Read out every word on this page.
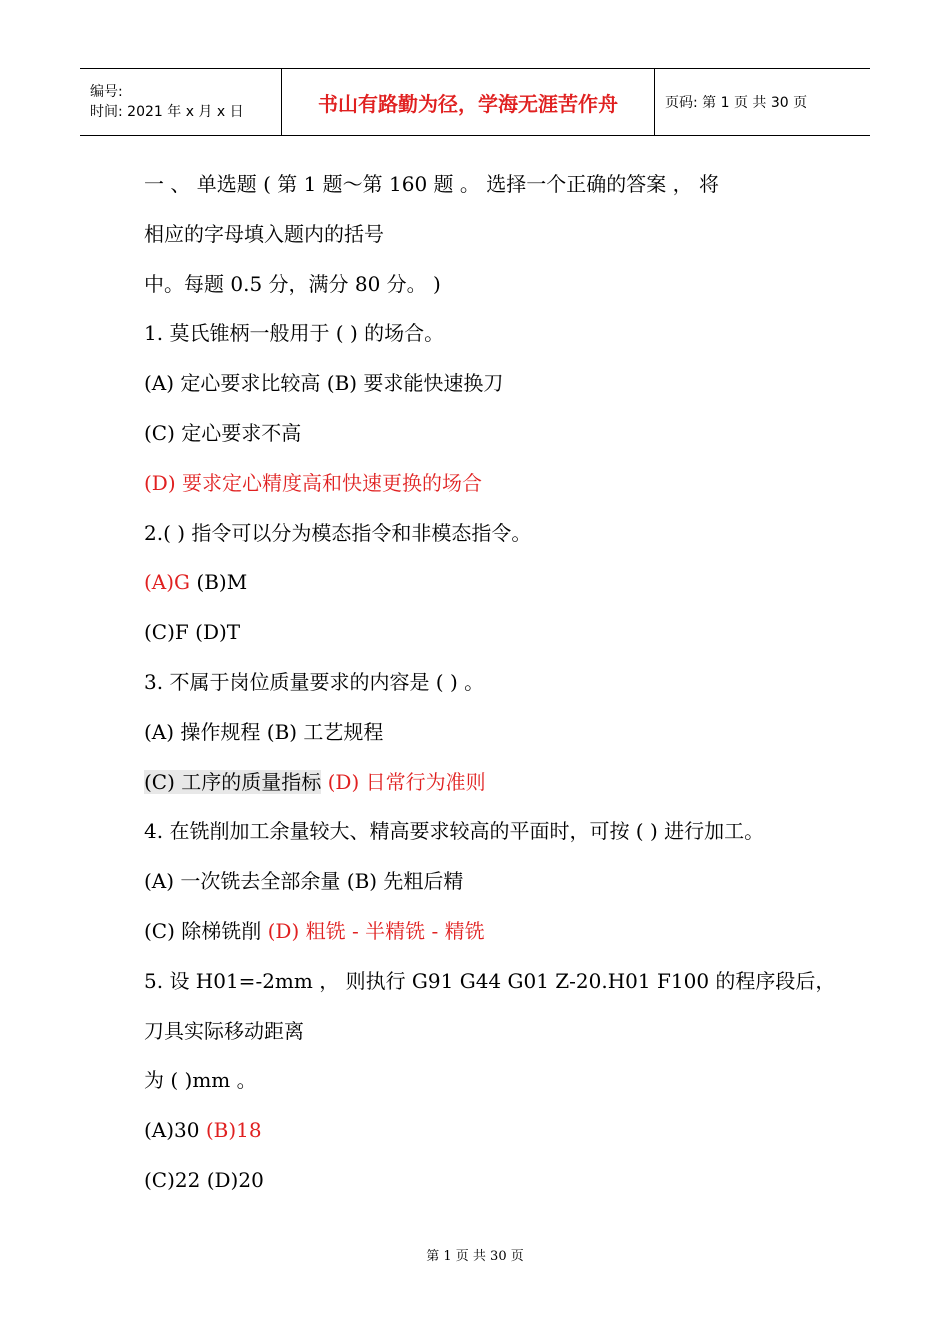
编号:
时间: 2021 年 x 月 x 日	书山有路勤为径，学海无涯苦作舟	页码: 第 1 页 共 30 页
一 、 单选题 ( 第 1 题～第 160 题 。 选择一个正确的答案 ， 将
相应的字母填入题内的括号
中。每题 0.5 分，满分 80 分。 )
1. 莫氏锥柄一般用于 ( ) 的场合。
(A) 定心要求比较高 (B) 要求能快速换刀
(C) 定心要求不高
(D) 要求定心精度高和快速更换的场合
2.( ) 指令可以分为模态指令和非模态指令。
(A)G (B)M
(C)F (D)T
3. 不属于岗位质量要求的内容是 ( ) 。
(A) 操作规程 (B) 工艺规程
(C) 工序的质量指标 (D) 日常行为准则
4. 在铣削加工余量较大、精高要求较高的平面时，可按 ( ) 进行加工。
(A) 一次铣去全部余量 (B) 先粗后精
(C) 除梯铣削 (D) 粗铣 - 半精铣 - 精铣
5. 设 H01=-2mm ， 则执行 G91 G44 G01 Z-20.H01 F100 的程序段后，
刀具实际移动距离
为 ( )mm 。
(A)30 (B)18
(C)22 (D)20
第 1 页 共 30 页
